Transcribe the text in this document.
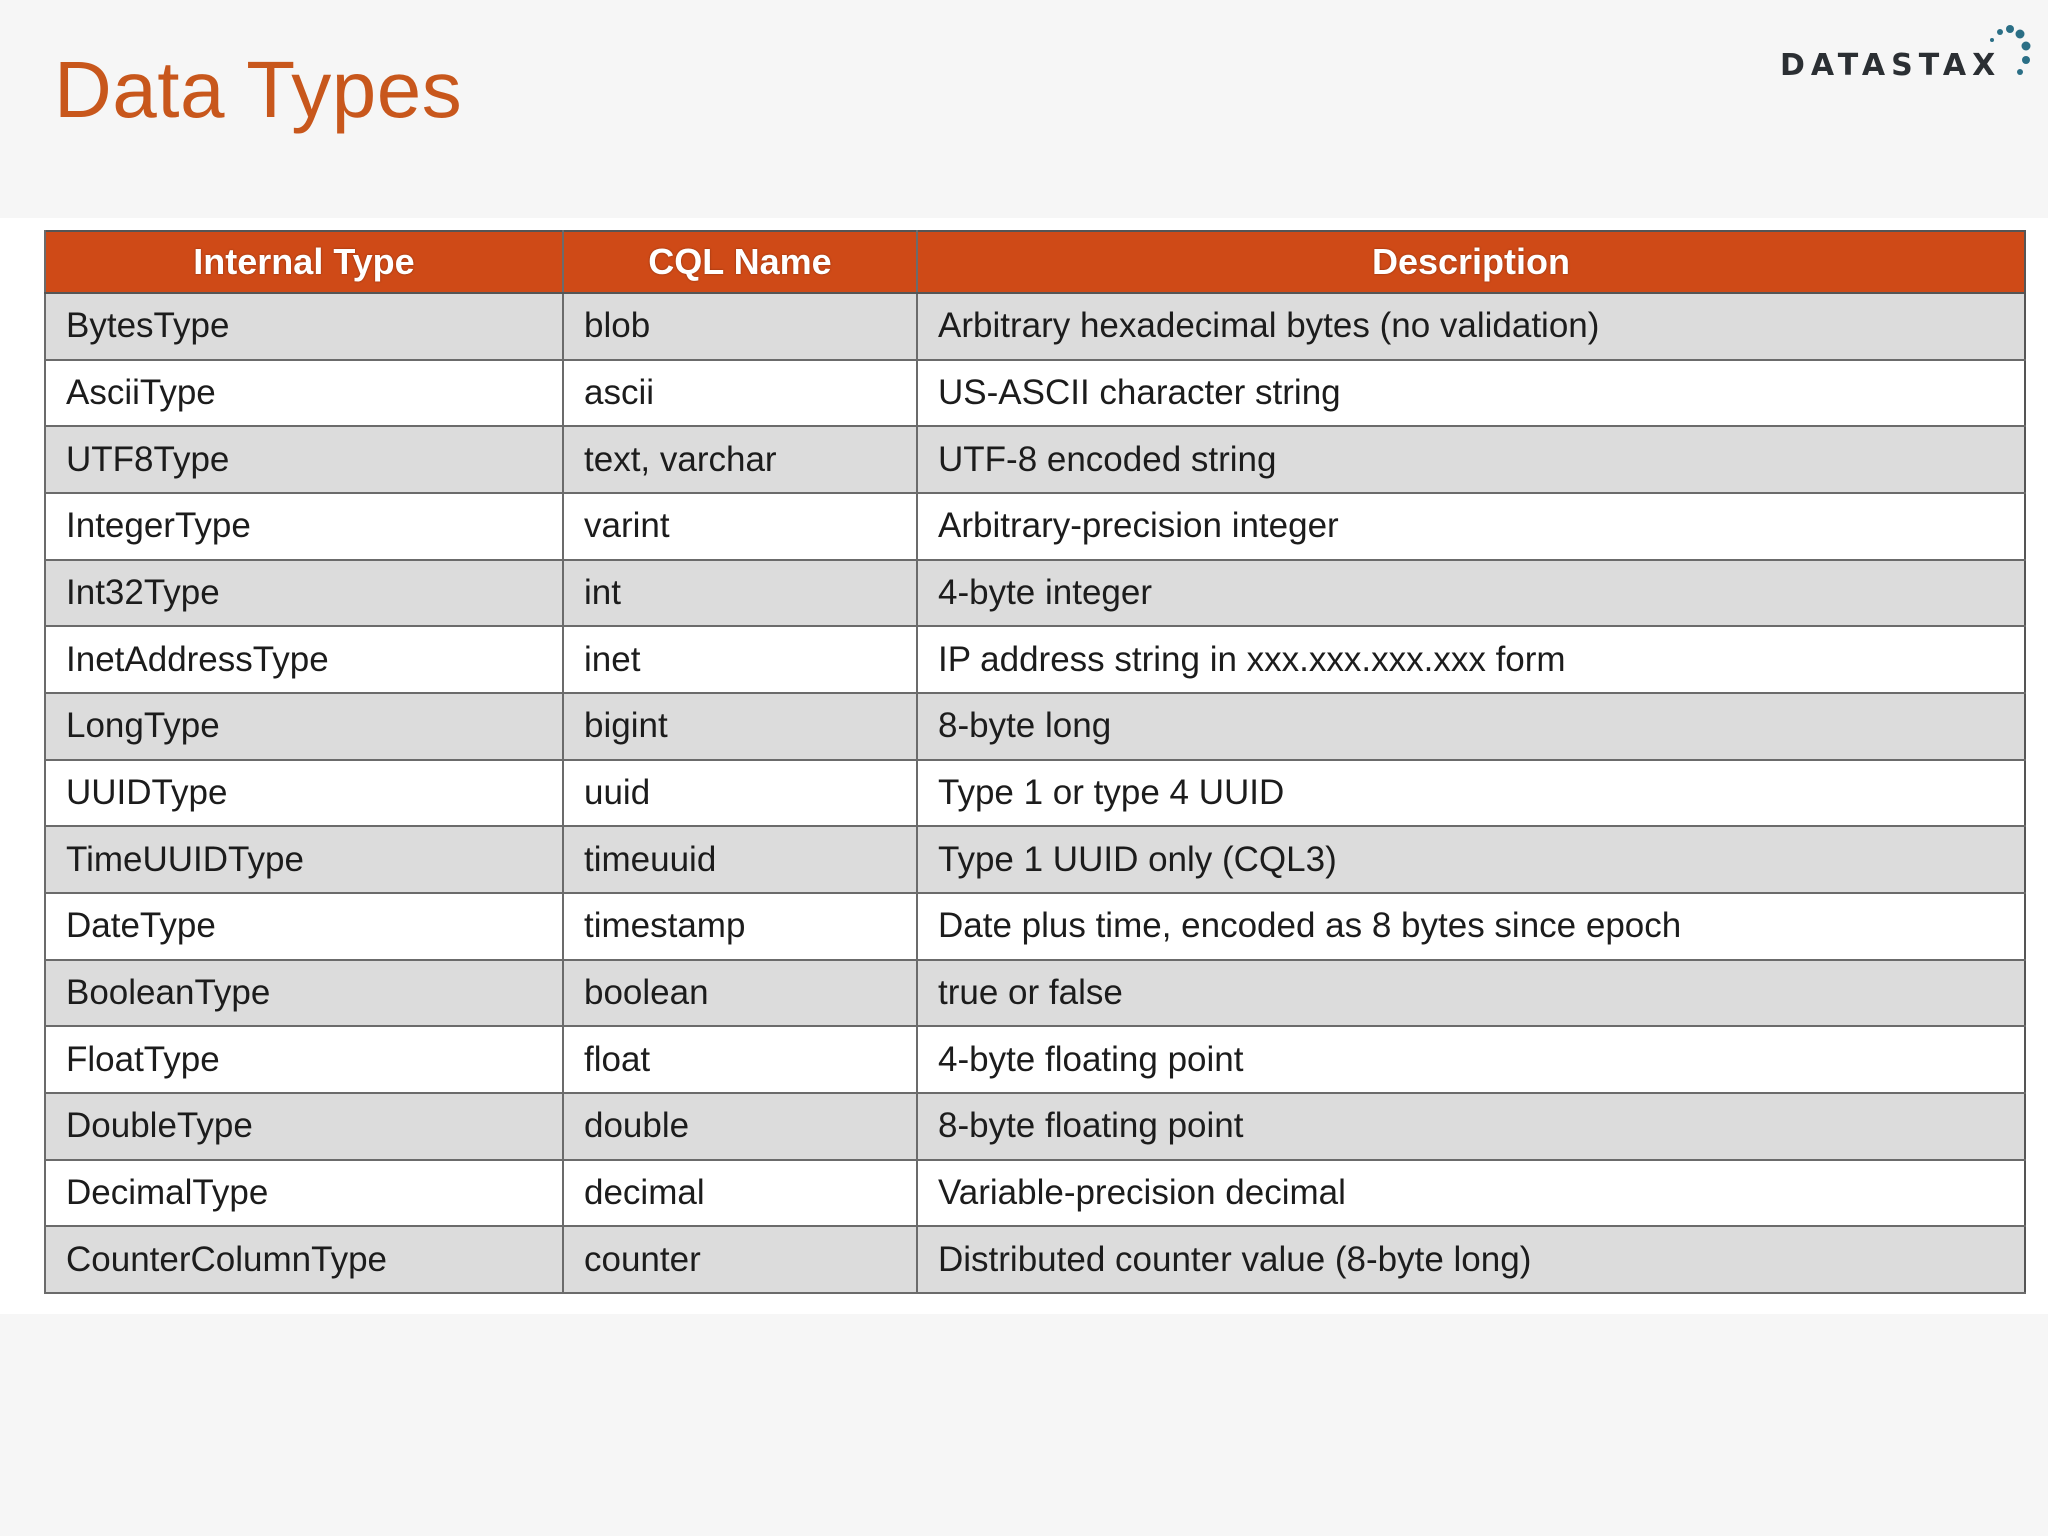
Data Types	DATASTAX
Internal Type	CQL Name	Description
BytesType	blob	Arbitrary hexadecimal bytes (no validation)
AsciiType	ascii	US-ASCII character string
UTF8Type	text, varchar	UTF-8 encoded string
IntegerType	varint	Arbitrary-precision integer
Int32Type	int	4-byte integer
InetAddressType	inet	IP address string in xxx.xxx.xxx.xxx form
LongType	bigint	8-byte long
UUIDType	uuid	Type 1 or type 4 UUID
TimeUUIDType	timeuuid	Type 1 UUID only (CQL3)
DateType	timestamp	Date plus time, encoded as 8 bytes since epoch
BooleanType	boolean	true or false
FloatType	float	4-byte floating point
DoubleType	double	8-byte floating point
DecimalType	decimal	Variable-precision decimal
CounterColumnType	counter	Distributed counter value (8-byte long)
